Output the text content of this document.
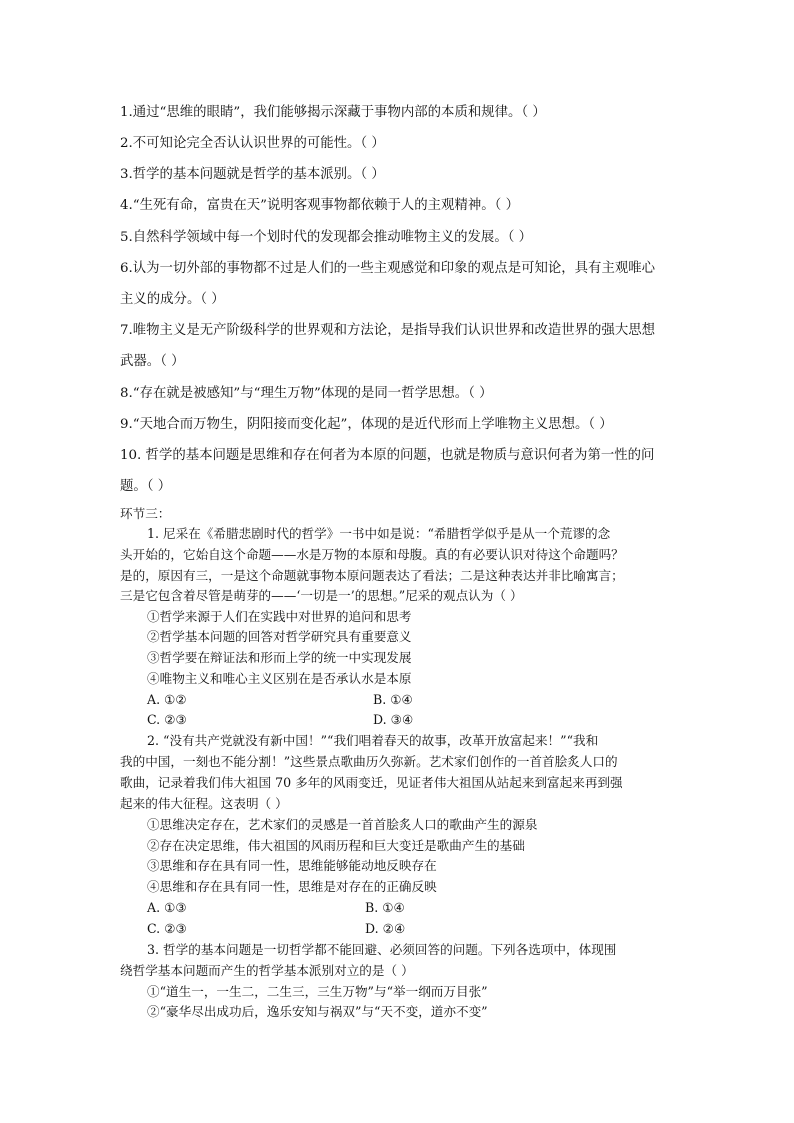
1.通过“思维的眼睛”，我们能够揭示深藏于事物内部的本质和规律。（ ）
2.不可知论完全否认认识世界的可能性。（ ）
3.哲学的基本问题就是哲学的基本派别。（ ）
4.“生死有命，富贵在天”说明客观事物都依赖于人的主观精神。（ ）
5.自然科学领域中每一个划时代的发现都会推动唯物主义的发展。（ ）
6.认为一切外部的事物都不过是人们的一些主观感觉和印象的观点是可知论，具有主观唯心
主义的成分。（ ）
7.唯物主义是无产阶级科学的世界观和方法论，是指导我们认识世界和改造世界的强大思想
武器。（ ）
8.“存在就是被感知”与“理生万物”体现的是同一哲学思想。（ ）
9.“天地合而万物生，阴阳接而变化起”，体现的是近代形而上学唯物主义思想。（ ）
10. 哲学的基本问题是思维和存在何者为本原的问题，也就是物质与意识何者为第一性的问
题。（ ）
环节三：
1. 尼采在《希腊悲剧时代的哲学》一书中如是说：“希腊哲学似乎是从一个荒谬的念
头开始的，它始自这个命题——水是万物的本原和母腹。真的有必要认识对待这个命题吗？
是的，原因有三，一是这个命题就事物本原问题表达了看法；二是这种表达并非比喻寓言；
三是它包含着尽管是萌芽的——‘一切是一’的思想。”尼采的观点认为（ ）
①哲学来源于人们在实践中对世界的追问和思考
②哲学基本问题的回答对哲学研究具有重要意义
③哲学要在辩证法和形而上学的统一中实现发展
④唯物主义和唯心主义区别在是否承认水是本原
A. ①②	B. ①④
C. ②③	D. ③④
2. “没有共产党就没有新中国！”“我们唱着春天的故事，改革开放富起来！”“我和
我的中国，一刻也不能分割！”这些景点歌曲历久弥新。艺术家们创作的一首首脍炙人口的
歌曲，记录着我们伟大祖国 70 多年的风雨变迁，见证者伟大祖国从站起来到富起来再到强
起来的伟大征程。这表明（ ）
①思维决定存在，艺术家们的灵感是一首首脍炙人口的歌曲产生的源泉
②存在决定思维，伟大祖国的风雨历程和巨大变迁是歌曲产生的基础
③思维和存在具有同一性，思维能够能动地反映存在
④思维和存在具有同一性，思维是对存在的正确反映
A. ①③	B. ①④
C. ②③	D. ②④
3. 哲学的基本问题是一切哲学都不能回避、必须回答的问题。下列各选项中，体现围
绕哲学基本问题而产生的哲学基本派别对立的是（ ）
①“道生一，一生二，二生三，三生万物”与“举一纲而万目张”
②“豪华尽出成功后，逸乐安知与祸双”与“天不变，道亦不变”
